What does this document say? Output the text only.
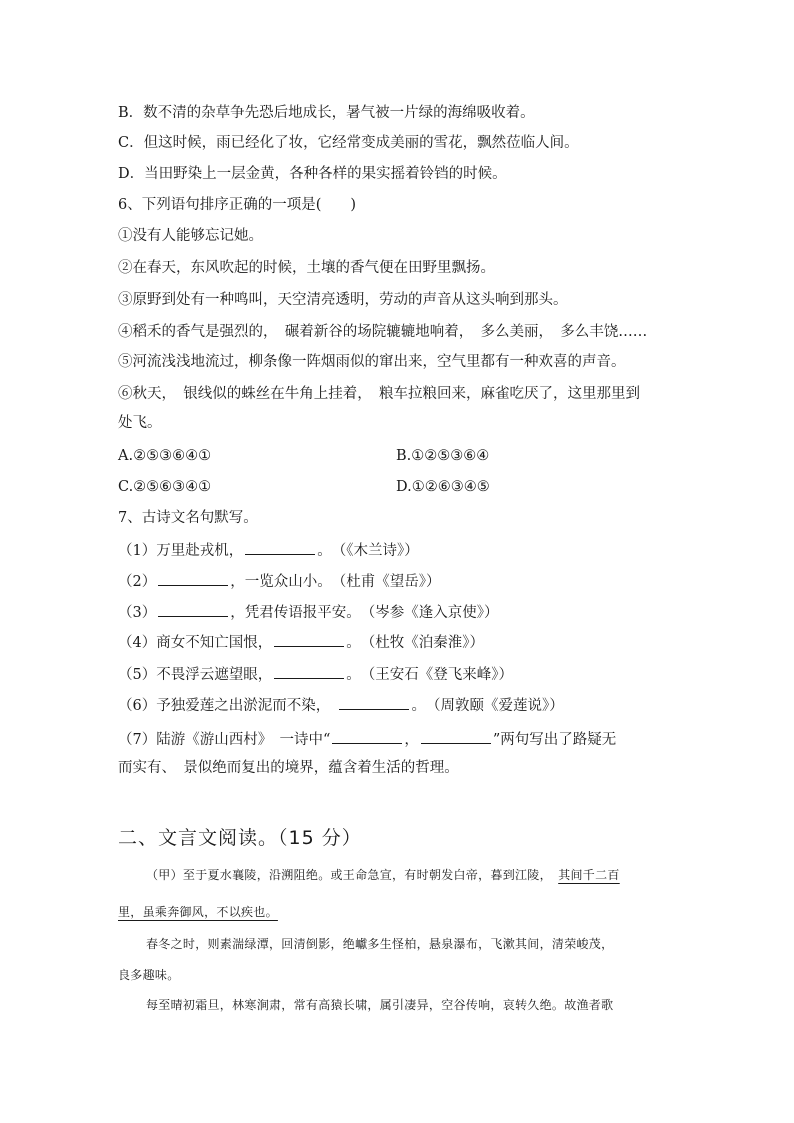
B．数不清的杂草争先恐后地成长，暑气被一片绿的海绵吸收着。
C．但这时候，雨已经化了妆，它经常变成美丽的雪花，飘然莅临人间。
D．当田野染上一层金黄，各种各样的果实摇着铃铛的时候。
6、下列语句排序正确的一项是(　　)
①没有人能够忘记她。
②在春天，东风吹起的时候，土壤的香气便在田野里飘扬。
③原野到处有一种鸣叫，天空清亮透明，劳动的声音从这头响到那头。
④稻禾的香气是强烈的，　碾着新谷的场院辘辘地响着，　多么美丽，　多么丰饶……
⑤河流浅浅地流过，柳条像一阵烟雨似的窜出来，空气里都有一种欢喜的声音。
⑥秋天，　银线似的蛛丝在牛角上挂着，　粮车拉粮回来，麻雀吃厌了，这里那里到
处飞。
A.②⑤③⑥④①	B.①②⑤③⑥④
C.②⑤⑥③④①	D.①②⑥③④⑤
7、古诗文名句默写。
（1）万里赴戎机，	。　（《木兰诗》）
（2）	，一览众山小。　（杜甫《望岳》）
（3）	，凭君传语报平安。　（岑参《逢入京使》）
（4）商女不知亡国恨，	。　（杜牧《泊秦淮》）
（5）不畏浮云遮望眼，	。　（王安石《登飞来峰》）
（6）予独爱莲之出淤泥而不染，　	。　（周敦颐《爱莲说》）
（7）陆游《游山西村》　一诗中“	，	”两句写出了路疑无
而实有、　景似绝而复出的境界，蕴含着生活的哲理。
二、文言文阅读。（15 分）
（甲）至于夏水襄陵，沿溯阻绝。或王命急宣，有时朝发白帝，暮到江陵，　其间千二百
里，虽乘奔御风，不以疾也。
春冬之时，则素湍绿潭，回清倒影，绝巘多生怪柏，悬泉瀑布，飞漱其间，清荣峻茂，
良多趣味。
每至晴初霜旦，林寒涧肃，常有高猿长啸，属引凄异，空谷传响，哀转久绝。故渔者歌
